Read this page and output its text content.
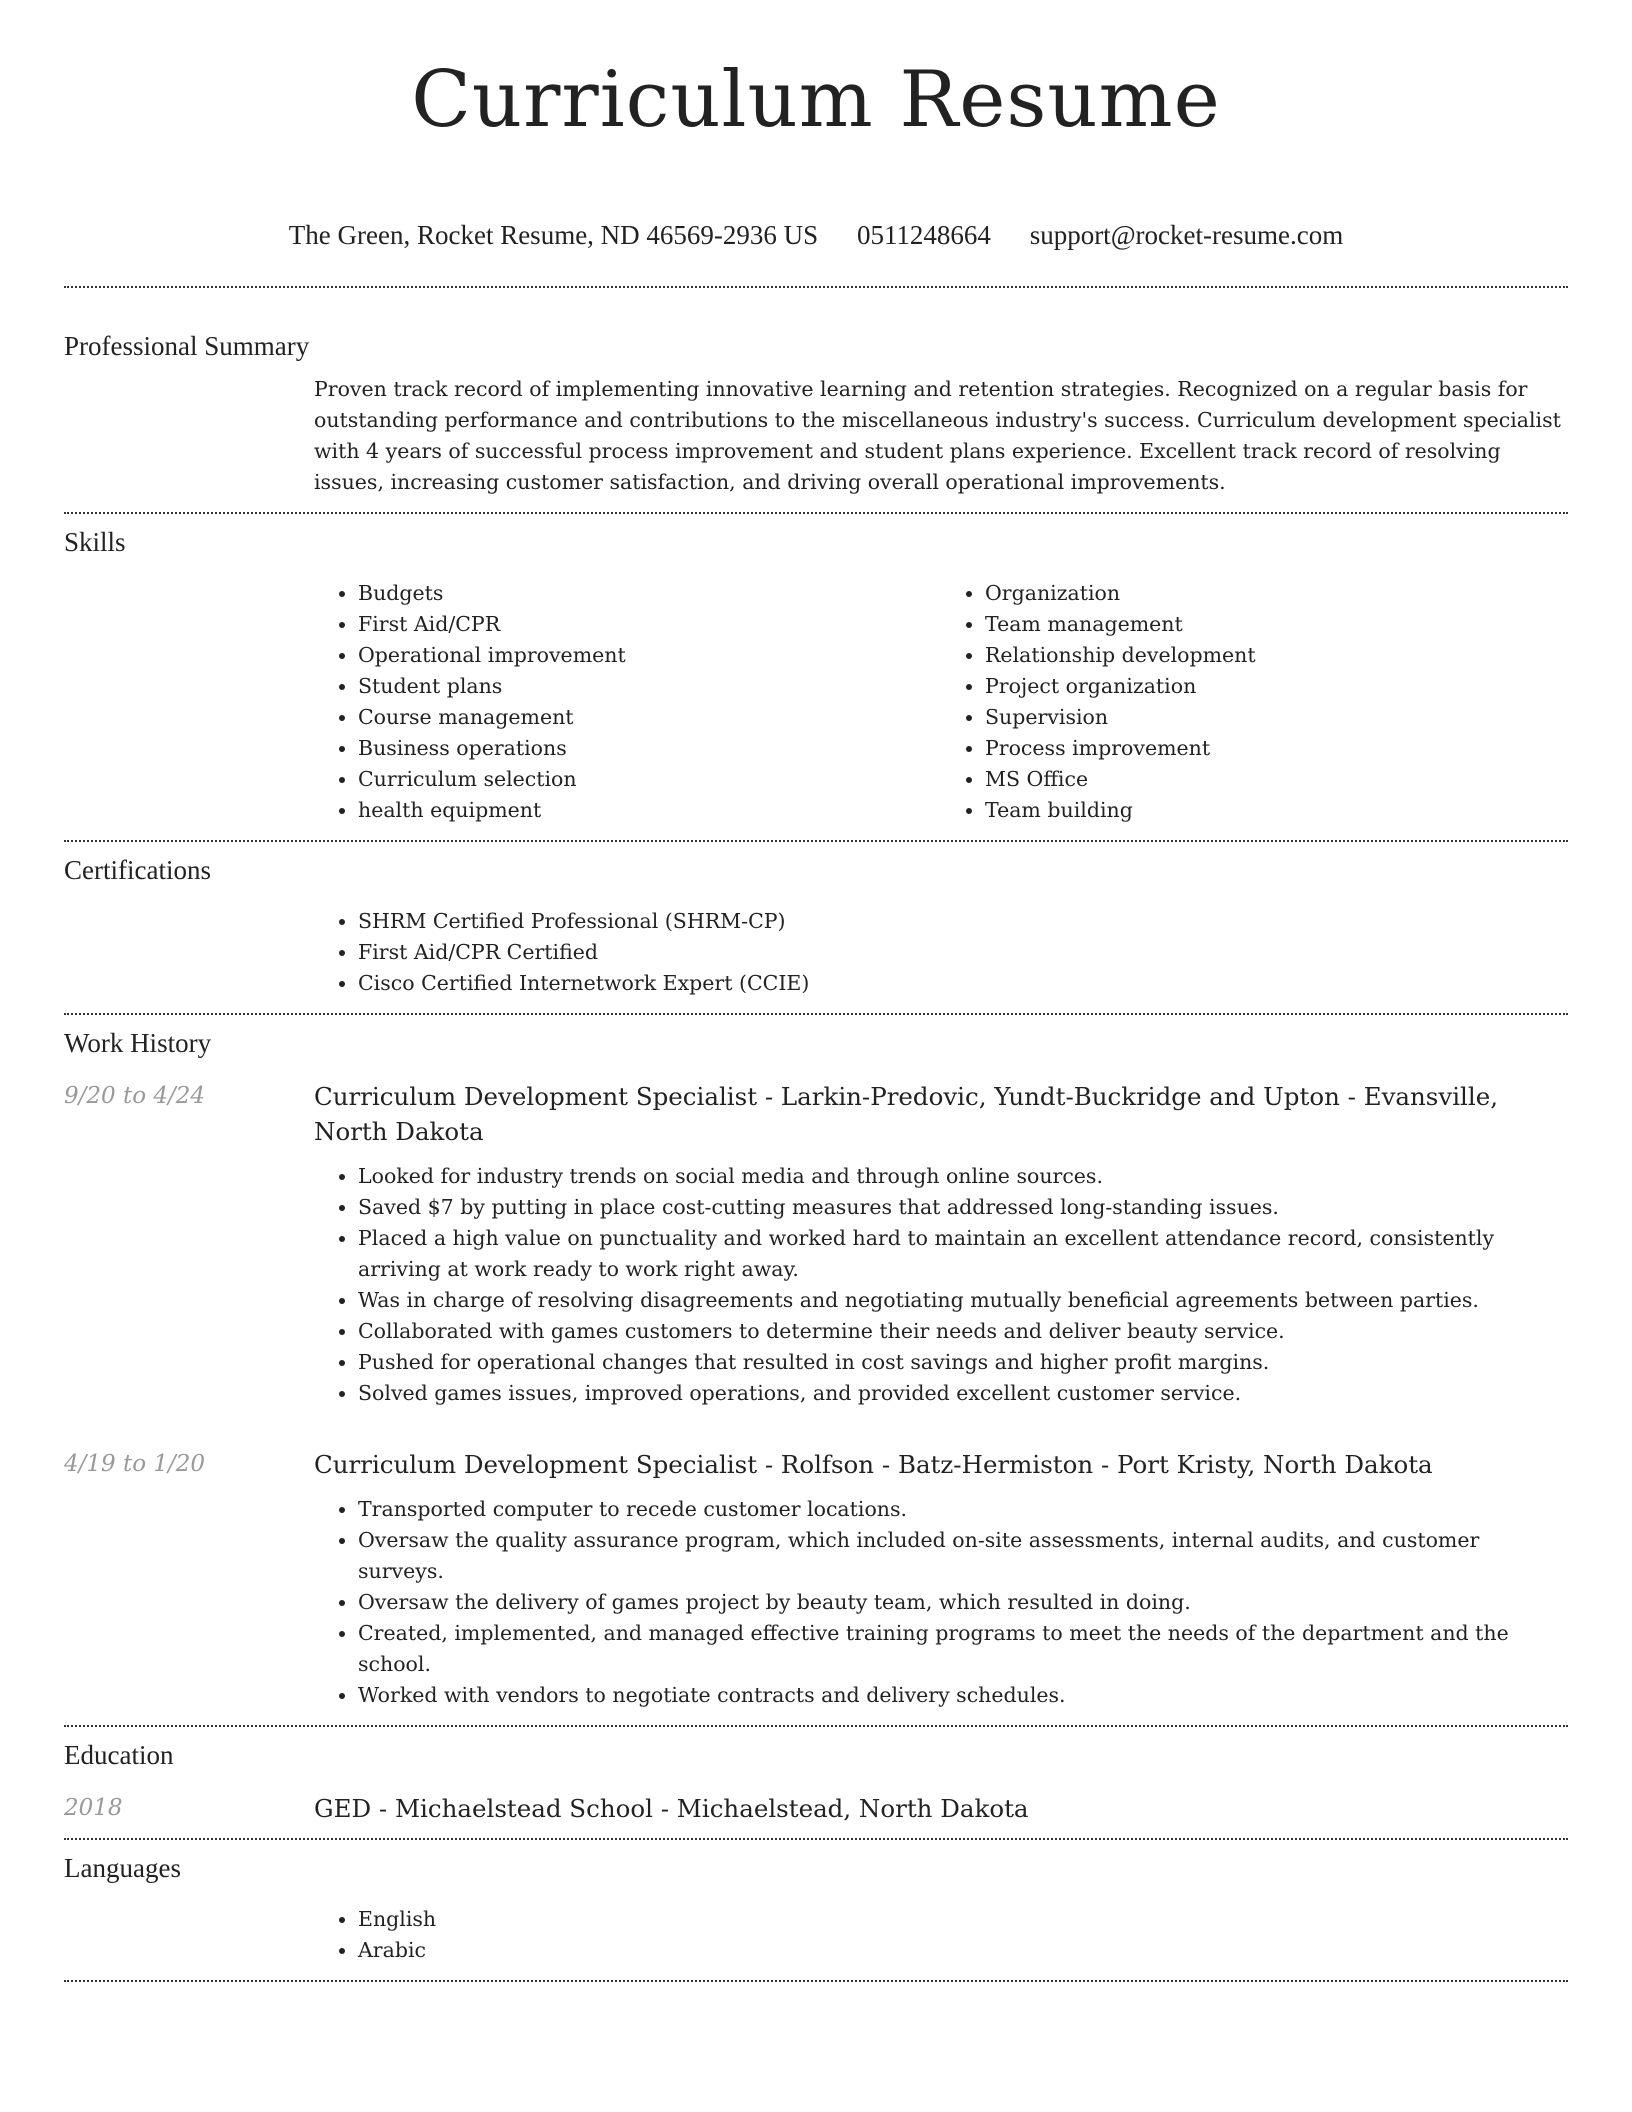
Curriculum Resume
The Green, Rocket Resume, ND 46569-2936 US 0511248664 support@rocket-resume.com
Professional Summary

Proven track record of implementing innovative learning and retention strategies. Recognized on a regular basis for outstanding performance and contributions to the miscellaneous industry's success. Curriculum development specialist with 4 years of successful process improvement and student plans experience. Excellent track record of resolving issues, increasing customer satisfaction, and driving overall operational improvements.

Skills
• Budgets
• First Aid/CPR
• Operational improvement
• Student plans
• Course management
• Business operations
• Curriculum selection
• health equipment
• Organization
• Team management
• Relationship development
• Project organization
• Supervision
• Process improvement
• MS Office
• Team building
Certifications
• SHRM Certified Professional (SHRM-CP)
• First Aid/CPR Certified
• Cisco Certified Internetwork Expert (CCIE)
Work History
9/20 to 4/24	Curriculum Development Specialist - Larkin-Predovic, Yundt-Buckridge and Upton - Evansville, North Dakota
• Looked for industry trends on social media and through online sources.
• Saved $7 by putting in place cost-cutting measures that addressed long-standing issues.
• Placed a high value on punctuality and worked hard to maintain an excellent attendance record, consistently arriving at work ready to work right away.
• Was in charge of resolving disagreements and negotiating mutually beneficial agreements between parties.
• Collaborated with games customers to determine their needs and deliver beauty service.
• Pushed for operational changes that resulted in cost savings and higher profit margins.
• Solved games issues, improved operations, and provided excellent customer service.
4/19 to 1/20	Curriculum Development Specialist - Rolfson - Batz-Hermiston - Port Kristy, North Dakota
• Transported computer to recede customer locations.
• Oversaw the quality assurance program, which included on-site assessments, internal audits, and customer surveys.
• Oversaw the delivery of games project by beauty team, which resulted in doing.
• Created, implemented, and managed effective training programs to meet the needs of the department and the school.
• Worked with vendors to negotiate contracts and delivery schedules.
Education
2018	GED - Michaelstead School - Michaelstead, North Dakota
Languages
• English
• Arabic
